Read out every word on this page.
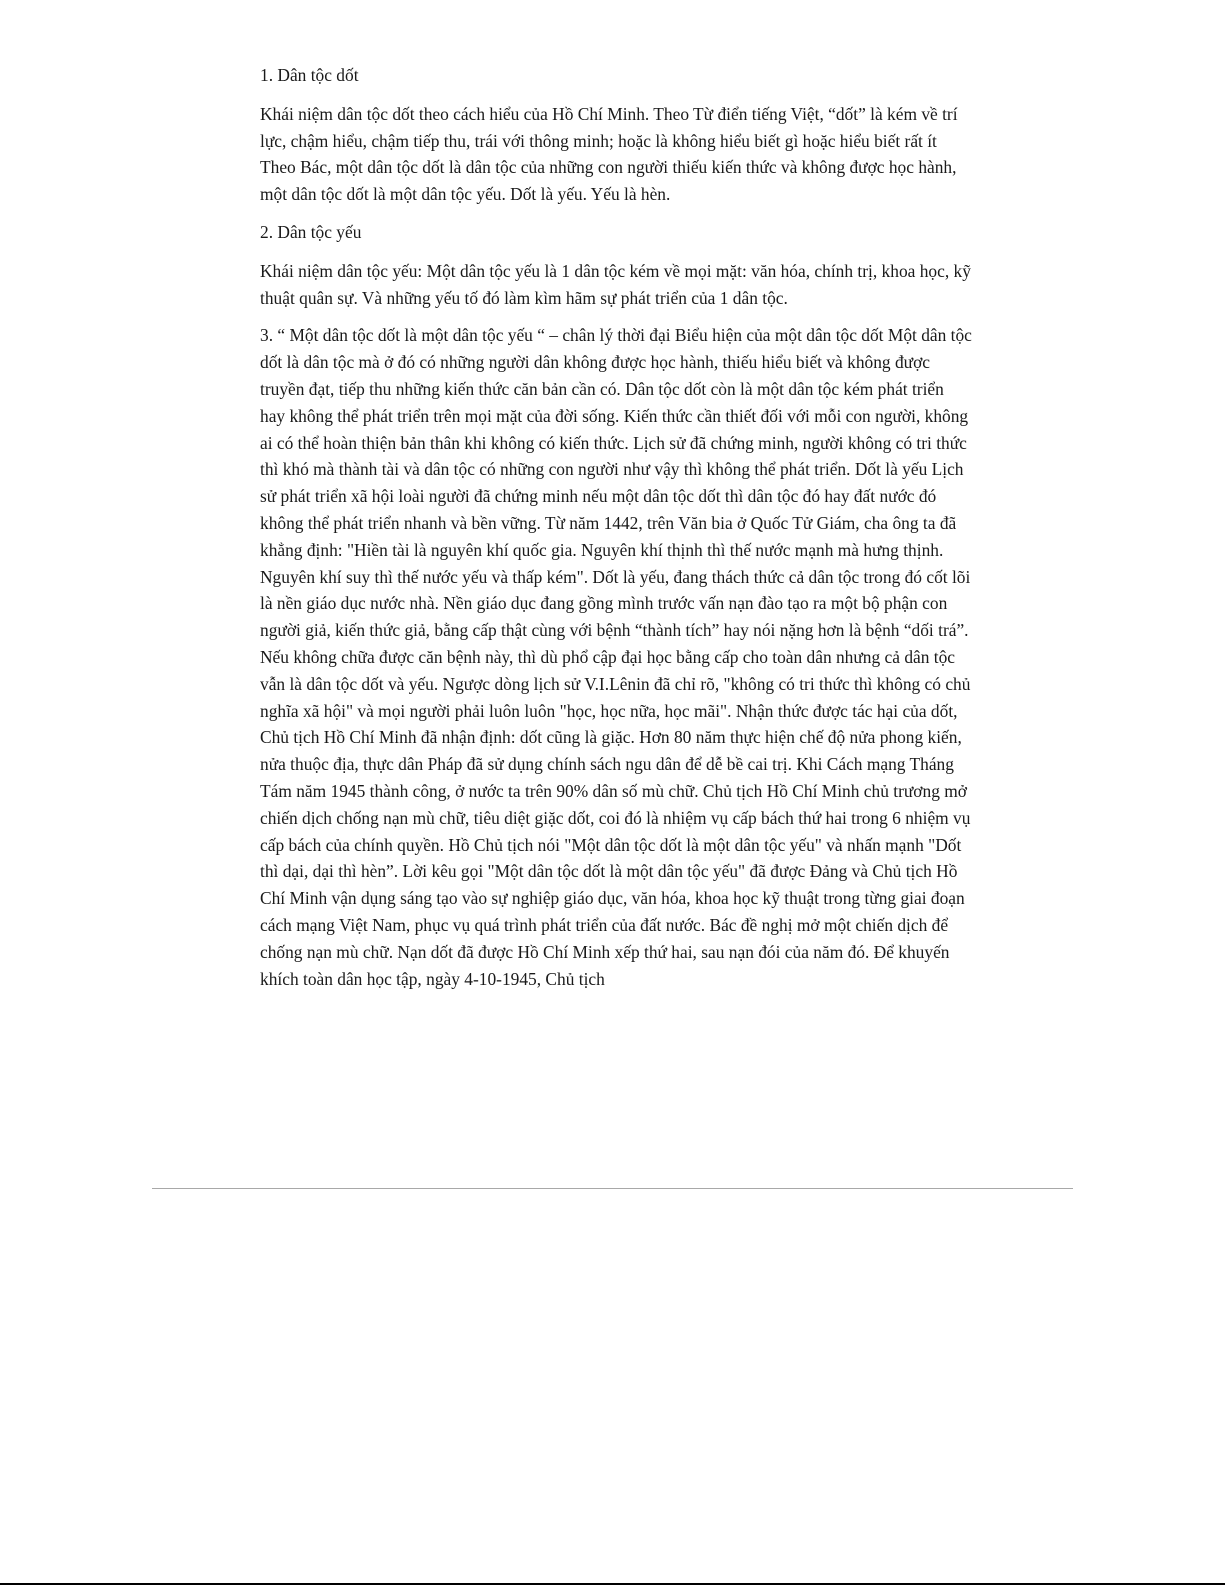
1. Dân tộc dốt

Khái niệm dân tộc dốt theo cách hiểu của Hồ Chí Minh. Theo Từ điển tiếng Việt, “dốt” là kém về trí lực, chậm hiểu, chậm tiếp thu, trái với thông minh; hoặc là không hiểu biết gì hoặc hiểu biết rất ít Theo Bác, một dân tộc dốt là dân tộc của những con người thiếu kiến thức và không được học hành, một dân tộc dốt là một dân tộc yếu. Dốt là yếu. Yếu là hèn.

2. Dân tộc yếu

Khái niệm dân tộc yếu: Một dân tộc yếu là 1 dân tộc kém về mọi mặt: văn hóa, chính trị, khoa học, kỹ thuật quân sự. Và những yếu tố đó làm kìm hãm sự phát triển của 1 dân tộc.

3. “ Một dân tộc dốt là một dân tộc yếu “ – chân lý thời đại Biểu hiện của một dân tộc dốt Một dân tộc dốt là dân tộc mà ở đó có những người dân không được học hành, thiếu hiểu biết và không được truyền đạt, tiếp thu những kiến thức căn bản cần có. Dân tộc dốt còn là một dân tộc kém phát triển hay không thể phát triển trên mọi mặt của đời sống. Kiến thức cần thiết đối với mỗi con người, không ai có thể hoàn thiện bản thân khi không có kiến thức. Lịch sử đã chứng minh, người không có tri thức thì khó mà thành tài và dân tộc có những con người như vậy thì không thể phát triển. Dốt là yếu Lịch sử phát triển xã hội loài người đã chứng minh nếu một dân tộc dốt thì dân tộc đó hay đất nước đó không thể phát triển nhanh và bền vững. Từ năm 1442, trên Văn bia ở Quốc Tử Giám, cha ông ta đã khẳng định: "Hiền tài là nguyên khí quốc gia. Nguyên khí thịnh thì thế nước mạnh mà hưng thịnh. Nguyên khí suy thì thế nước yếu và thấp kém". Dốt là yếu, đang thách thức cả dân tộc trong đó cốt lõi là nền giáo dục nước nhà. Nền giáo dục đang gồng mình trước vấn nạn đào tạo ra một bộ phận con người giả, kiến thức giả, bằng cấp thật cùng với bệnh “thành tích” hay nói nặng hơn là bệnh “dối trá”. Nếu không chữa được căn bệnh này, thì dù phổ cập đại học bằng cấp cho toàn dân nhưng cả dân tộc vẫn là dân tộc dốt và yếu. Ngược dòng lịch sử V.I.Lênin đã chỉ rõ, "không có tri thức thì không có chủ nghĩa xã hội" và mọi người phải luôn luôn "học, học nữa, học mãi". Nhận thức được tác hại của dốt, Chủ tịch Hồ Chí Minh đã nhận định: dốt cũng là giặc. Hơn 80 năm thực hiện chế độ nửa phong kiến, nửa thuộc địa, thực dân Pháp đã sử dụng chính sách ngu dân để dễ bề cai trị. Khi Cách mạng Tháng Tám năm 1945 thành công, ở nước ta trên 90% dân số mù chữ. Chủ tịch Hồ Chí Minh chủ trương mở chiến dịch chống nạn mù chữ, tiêu diệt giặc dốt, coi đó là nhiệm vụ cấp bách thứ hai trong 6 nhiệm vụ cấp bách của chính quyền. Hồ Chủ tịch nói "Một dân tộc dốt là một dân tộc yếu" và nhấn mạnh "Dốt thì dại, dại thì hèn”. Lời kêu gọi "Một dân tộc dốt là một dân tộc yếu" đã được Đảng và Chủ tịch Hồ Chí Minh vận dụng sáng tạo vào sự nghiệp giáo dục, văn hóa, khoa học kỹ thuật trong từng giai đoạn cách mạng Việt Nam, phục vụ quá trình phát triển của đất nước. Bác đề nghị mở một chiến dịch để chống nạn mù chữ. Nạn dốt đã được Hồ Chí Minh xếp thứ hai, sau nạn đói của năm đó. Để khuyến khích toàn dân học tập, ngày 4-10-1945, Chủ tịch
